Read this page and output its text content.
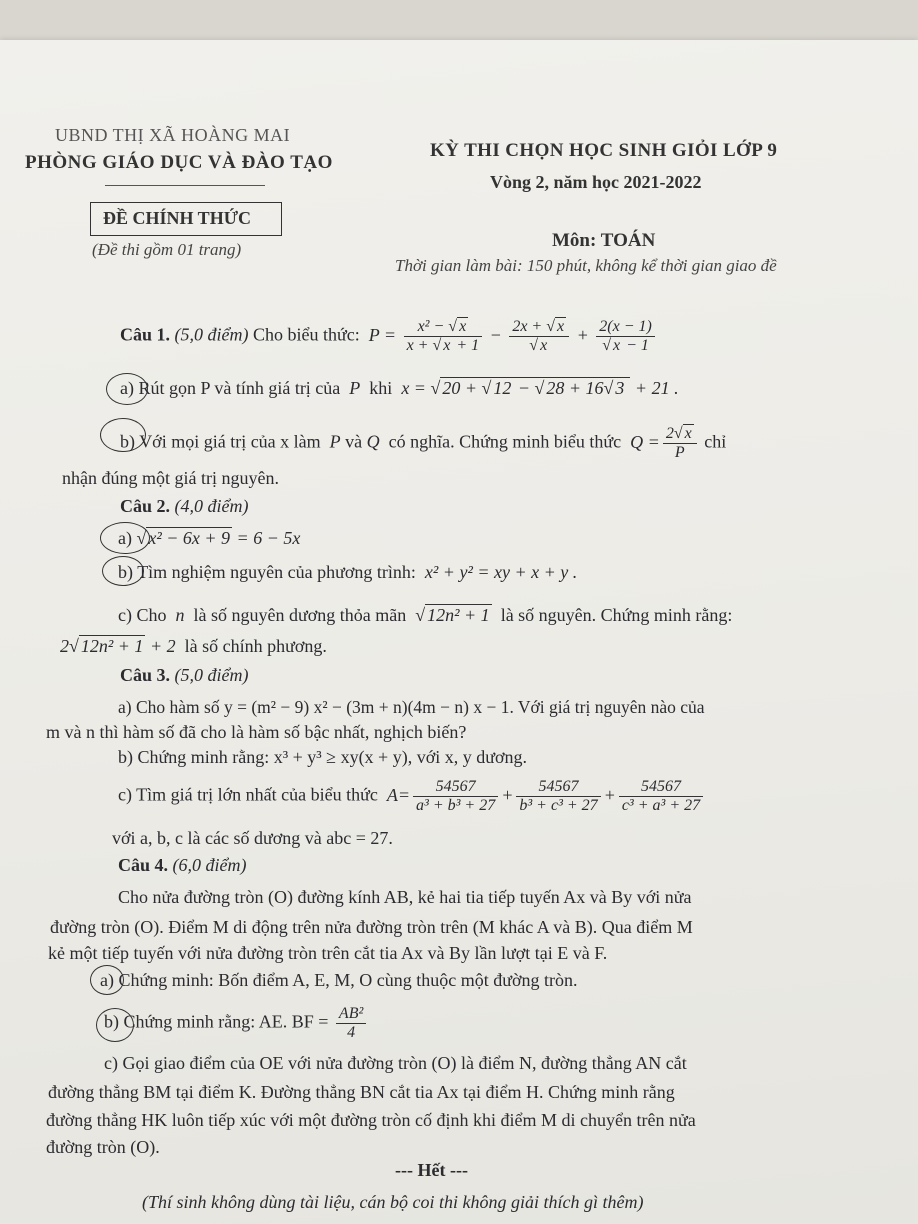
UBND THỊ XÃ HOÀNG MAI
PHÒNG GIÁO DỤC VÀ ĐÀO TẠO
ĐỀ CHÍNH THỨC
(Đề thi gồm 01 trang)
KỲ THI CHỌN HỌC SINH GIỎI LỚP 9
Vòng 2, năm học 2021-2022
Môn: TOÁN
Thời gian làm bài: 150 phút, không kể thời gian giao đề
Câu 1. (5,0 điểm) Cho biểu thức:  $P = \frac{\text{x² − √ x}}{x + √ x + 1} - \frac{2x + √ x}{√ x} + \frac{2(x - 1)}{√ x - 1}$
a) Rút gọn P và tính giá trị của  P  khi  x = √ 20 + √ 12 − √ 28 + 16√ 3 + 21 .
b) Với mọi giá trị của x làm  P và Q  có nghĩa. Chứng minh biểu thức  $Q = \frac{2√ x}{P}$ chỉ
nhận đúng một giá trị nguyên.
Câu 2. (4,0 điểm)
a) √ x² − 6x + 9 = 6 − 5x
b) Tìm nghiệm nguyên của phương trình:  x² + y² = xy + x + y .
c) Cho  n  là số nguyên dương thỏa mãn  √ 12n² + 1 là số nguyên. Chứng minh rằng:
2√ 12n² + 1 + 2  là số chính phương.
Câu 3. (5,0 điểm)
a) Cho hàm số y = (m² − 9) x² − (3m + n)(4m − n) x − 1. Với giá trị nguyên nào của
m và n thì hàm số đã cho là hàm số bậc nhất, nghịch biến?
b) Chứng minh rằng: x³ + y³ ≥ xy(x + y), với x, y dương.
c) Tìm giá trị lớn nhất của biểu thức  $A= \frac{54567}{\text{a³ + b³ + 27}} + \frac{54567}{\text{b³ + c³ + 27}} + \frac{54567}{\text{c³ + a³ + 27}}$
với a, b, c là các số dương và abc = 27.
Câu 4. (6,0 điểm)
Cho nửa đường tròn (O) đường kính AB, kẻ hai tia tiếp tuyến Ax và By với nửa
đường tròn (O). Điểm M di động trên nửa đường tròn trên (M khác A và B). Qua điểm M
kẻ một tiếp tuyến với nửa đường tròn trên cắt tia Ax và By lần lượt tại E và F.
a) Chứng minh: Bốn điểm A, E, M, O cùng thuộc một đường tròn.
b) Chứng minh rằng: AE. BF = $\frac{\text{AB²}}{4}$
c) Gọi giao điểm của OE với nửa đường tròn (O) là điểm N, đường thẳng AN cắt
đường thẳng BM tại điểm K. Đường thẳng BN cắt tia Ax tại điểm H. Chứng minh rằng
đường thẳng HK luôn tiếp xúc với một đường tròn cố định khi điểm M di chuyển trên nửa
đường tròn (O).
--- Hết ---
(Thí sinh không dùng tài liệu, cán bộ coi thi không giải thích gì thêm)
